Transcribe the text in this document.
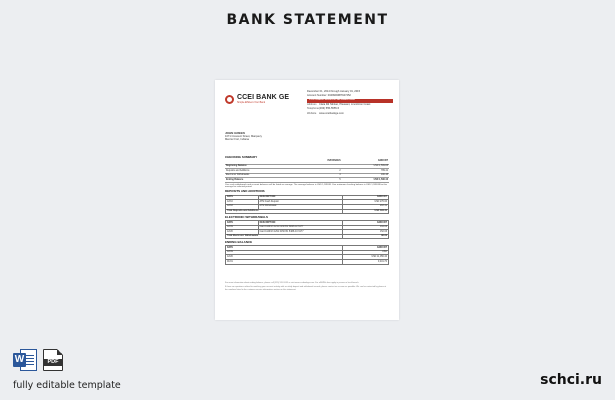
BANK STATEMENT
CCEI BANK GE
Simple.Efficient.Your Bank
December 01, 2014 through January 01, 2015
Account Number: 0049993987947452
CUSTOMER SERVICE INFORMATION
Address Clara Rd Ntinker, Pleasant, Lincolnton Coast
Telephone (333) 555-5555-5
Website	www.cceibankge.com
JOHN GREEN
1071 Crescent Street, Marquery
Mercier Fort, Indiana
CHECKING SUMMARY
	INSTANCES	AMOUNT
Beginning Balance		USD 1,599.88
Deposits and Additions	2	789.41
Electronic Withdrawals	3	196.48
Ending Balance	5	USD 1,596.43
Your cash withdrawals and account balances will be listed on average. The average balance is USD 1,599.88. Your minimum checking balance is USD 1,599.88 for this average for selected period.
DEPOSITS AND ADDITIONS
DATE	DESCRIPTION	AMOUNT
12/10	ATM Cash Deposit	USD 276.00
12/18	ATM Withdrawal	218.41
Total Deposits and Additions		USD 494.41
ELECTRONIC WITHDRAWALS
DATE	DESCRIPTION	AMOUNT
12/09	Card 1120/13 1211 0130 B1 5488 AU 6177	194.06
12/20	Card 1120/13 1291 0150 B1 5488 AU 6177	152.06
Total Electronic Withdrawals		88.66
ENDING BALANCE
DATE	AMOUNT
12/09	USD
12/20	USD 11,056.40
01/01	9,401.70
For more information about ending balance, please call (555) 555-5555 or visit www.cceibankge.com. For all ATMs fees apply in person or local branch.
If there are questions related to matching your account activity with our daily deposit and withdrawal records, please contact us as soon as possible. We can be contacted by phone at the numbers listed in the customer service information section on this statement.
W	PDF
fully editable template	schci.ru
